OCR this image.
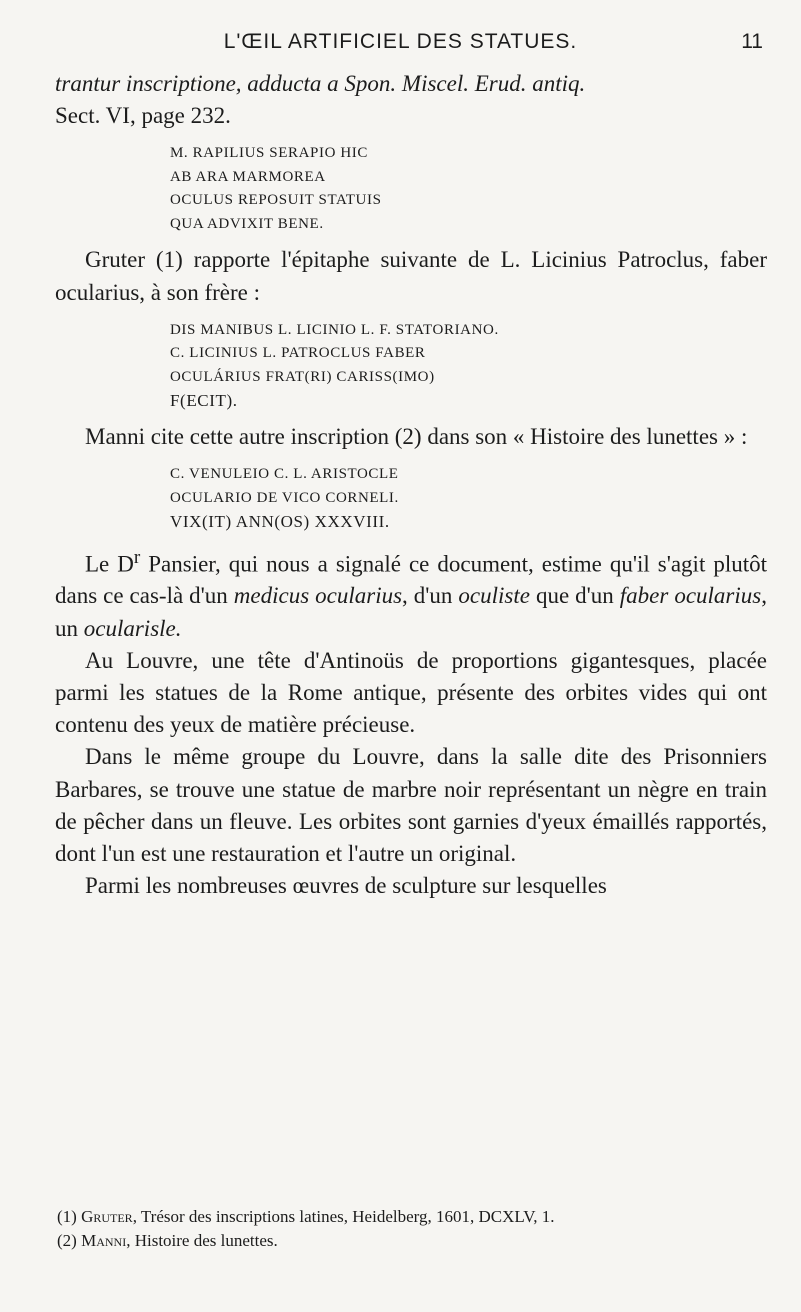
L'ŒIL ARTIFICIEL DES STATUES.	11

trantur inscriptione, adducta a Spon. Miscel. Erud. antiq.
Sect. VI, page 232.

M. RAPILIUS SERAPIO HIC
AB ARA MARMOREA
OCULUS REPOSUIT STATUIS
QUA ADVIXIT BENE.

Gruter (1) rapporte l'épitaphe suivante de L. Licinius Patroclus, faber ocularius, à son frère :

DIS MANIBUS L. LICINIO L. F. STATORIANO.
C. LICINIUS L. PATROCLUS FABER
OCULÁRIUS FRAT(RI) CARISS(IMO)
F(ECIT).

Manni cite cette autre inscription (2) dans son « Histoire des lunettes » :

C. VENULEIO C. L. ARISTOCLE
OCULARIO DE VICO CORNELI.
VIX(IT) ANN(OS) XXXVIII.

Le $D^r$ Pansier, qui nous a signalé ce document, estime qu'il s'agit plutôt dans ce cas-là d'un medicus ocularius, d'un oculiste que d'un faber ocularius, un ocularisle.

Au Louvre, une tête d'Antinoüs de proportions gigantesques, placée parmi les statues de la Rome antique, présente des orbites vides qui ont contenu des yeux de matière précieuse.

Dans le même groupe du Louvre, dans la salle dite des Prisonniers Barbares, se trouve une statue de marbre noir représentant un nègre en train de pêcher dans un fleuve. Les orbites sont garnies d'yeux émaillés rapportés, dont l'un est une restauration et l'autre un original.

Parmi les nombreuses œuvres de sculpture sur lesquelles

(1) Gruter, Trésor des inscriptions latines, Heidelberg, 1601, DCXLV, 1.
(2) Manni, Histoire des lunettes.
